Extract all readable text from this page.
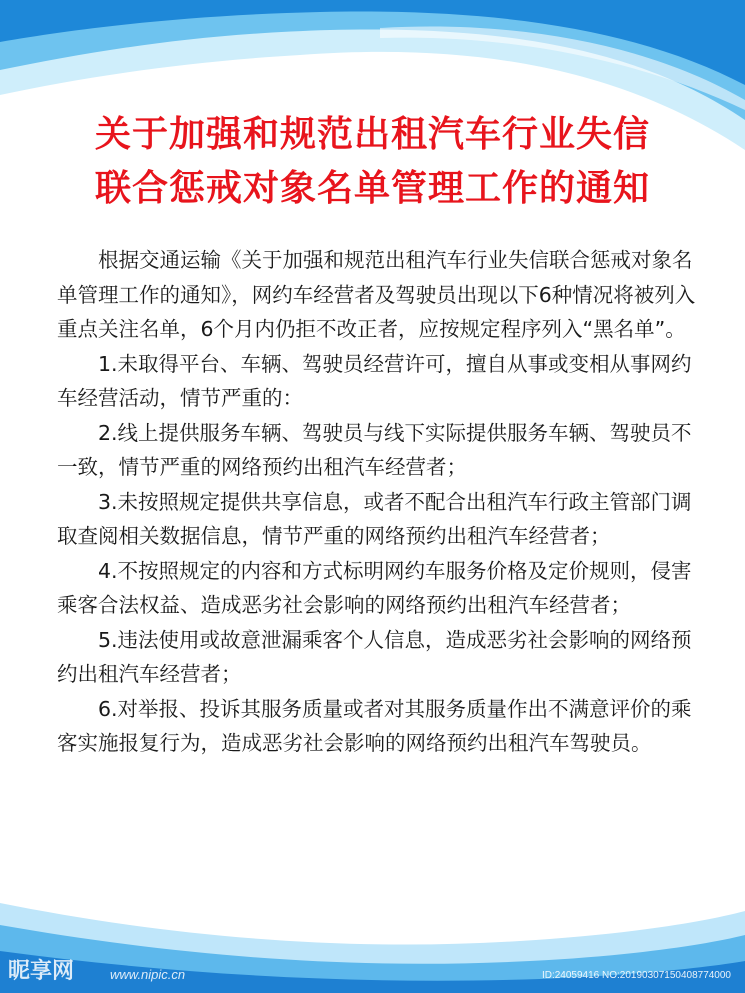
关于加强和规范出租汽车行业失信
联合惩戒对象名单管理工作的通知

根据交通运输《关于加强和规范出租汽车行业失信联合惩戒对象名单管理工作的通知》，网约车经营者及驾驶员出现以下6种情况将被列入重点关注名单，6个月内仍拒不改正者，应按规定程序列入“黑名单”。

1.未取得平台、车辆、驾驶员经营许可，擅自从事或变相从事网约车经营活动，情节严重的：

2.线上提供服务车辆、驾驶员与线下实际提供服务车辆、驾驶员不一致，情节严重的网络预约出租汽车经营者；

3.未按照规定提供共享信息，或者不配合出租汽车行政主管部门调取查阅相关数据信息，情节严重的网络预约出租汽车经营者；

4.不按照规定的内容和方式标明网约车服务价格及定价规则，侵害乘客合法权益、造成恶劣社会影响的网络预约出租汽车经营者；

5.违法使用或故意泄漏乘客个人信息，造成恶劣社会影响的网络预约出租汽车经营者；

6.对举报、投诉其服务质量或者对其服务质量作出不满意评价的乘客实施报复行为，造成恶劣社会影响的网络预约出租汽车驾驶员。

昵享网	www.nipic.cn	ID:24059416 NO:20190307150408774000
